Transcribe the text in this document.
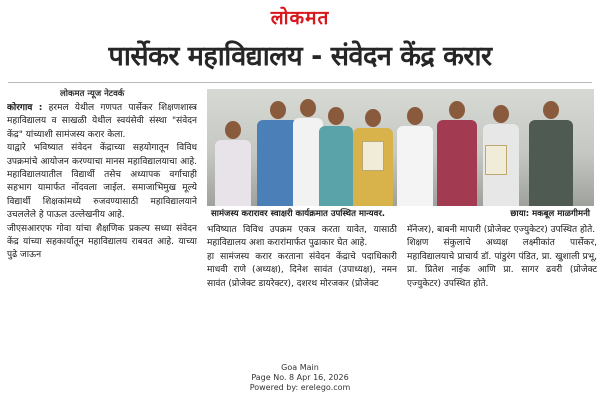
लोकमत
पार्सेकर महाविद्यालय - संवेदन केंद्र करार
लोकमत न्यूज नेटवर्क

कोरगाव : हरमल येथील गणपत पार्सेकर शिक्षणशास्त्र महाविद्यालय व साखळी येथील स्वयंसेवी संस्था "संवेदन केंद्र" यांच्याशी सामंजस्य करार केला.

याद्वारे भविष्यात संवेदन केंद्राच्या सहयोगातून विविध उपक्रमांचे आयोजन करण्याचा मानस महाविद्यालयाचा आहे. महाविद्यालयातील विद्यार्थी तसेच अध्यापक वर्गाचाही सहभाग यामार्फत नोंदवला जाईल. समाजाभिमुख मूल्ये विद्यार्थी शिक्षकांमध्ये रुजवण्यासाठी महाविद्यालयाने उचललेले हे पाऊल उल्लेखनीय आहे.

जीएसआरएफ गोवा यांचा शैक्षणिक प्रकल्प सध्या संवेदन केंद्र यांच्या सहकार्यातून महाविद्यालय राबवत आहे. याच्या पुढे जाऊन

सामंजस्य करारावर स्वाक्षरी कार्यक्रमात उपस्थित मान्यवर.	छाया: मकबूल माळगीमनी

भविष्यात विविध उपक्रम एकत्र करता यावेत, यासाठी महाविद्यालय अशा करारांमार्फत पुढाकार घेत आहे.

हा सामंजस्य करार करताना संवेदन केंद्राचे पदाधिकारी माधवी राणे (अध्यक्ष), दिनेश सावंत (उपाध्यक्ष), नमन सावंत (प्रोजेक्ट डायरेक्टर), दशरथ मोरजकर (प्रोजेक्ट

मॅनेजर), बाबनी मापारी (प्रोजेक्ट एज्युकेटर) उपस्थित होते.

शिक्षण संकुलाचे अध्यक्ष लक्ष्मीकांत पार्सेकर, महाविद्यालयाचे प्राचार्य डॉ. पांडुरंग पंडित, प्रा. खुशाली प्रभू, प्रा. प्रितेश नाईक आणि प्रा. सागर ढवरी (प्रोजेक्ट एज्युकेटर) उपस्थित होते.

Goa Main
Page No. 8 Apr 16, 2026
Powered by: erelego.com
